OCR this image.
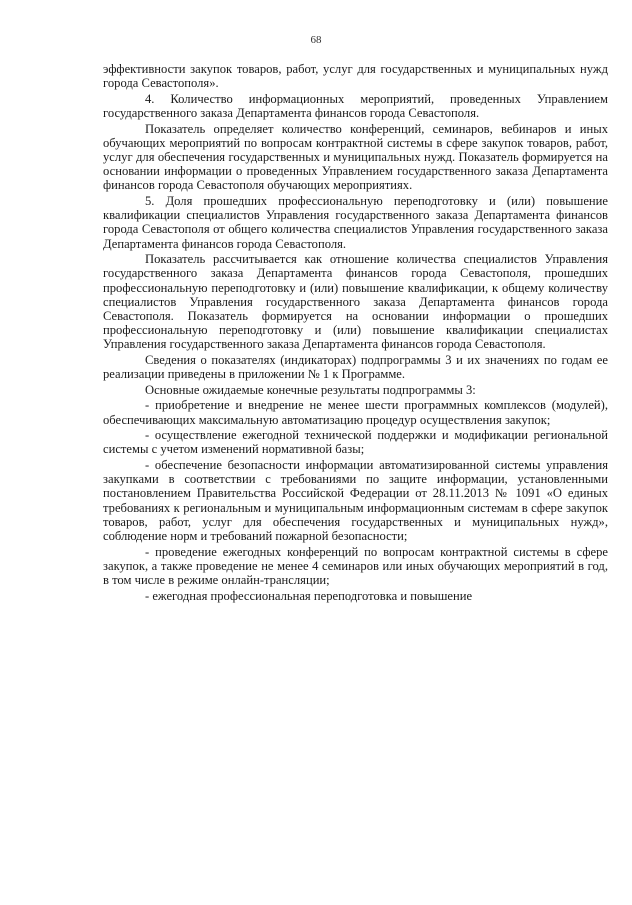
68

эффективности закупок товаров, работ, услуг для государственных и муниципальных нужд города Севастополя».

4. Количество информационных мероприятий, проведенных Управлением государственного заказа Департамента финансов города Севастополя.

Показатель определяет количество конференций, семинаров, вебинаров и иных обучающих мероприятий по вопросам контрактной системы в сфере закупок товаров, работ, услуг для обеспечения государственных и муниципальных нужд. Показатель формируется на основании информации о проведенных Управлением государственного заказа Департамента финансов города Севастополя обучающих мероприятиях.

5. Доля прошедших профессиональную переподготовку и (или) повышение квалификации специалистов Управления государственного заказа Департамента финансов города Севастополя от общего количества специалистов Управления государственного заказа Департамента финансов города Севастополя.

Показатель рассчитывается как отношение количества специалистов Управления государственного заказа Департамента финансов города Севастополя, прошедших профессиональную переподготовку и (или) повышение квалификации, к общему количеству специалистов Управления государственного заказа Департамента финансов города Севастополя. Показатель формируется на основании информации о прошедших профессиональную переподготовку и (или) повышение квалификации специалистах Управления государственного заказа Департамента финансов города Севастополя.

Сведения о показателях (индикаторах) подпрограммы 3 и их значениях по годам ее реализации приведены в приложении № 1 к Программе.

Основные ожидаемые конечные результаты подпрограммы 3:

- приобретение и внедрение не менее шести программных комплексов (модулей), обеспечивающих максимальную автоматизацию процедур осуществления закупок;

- осуществление ежегодной технической поддержки и модификации региональной системы с учетом изменений нормативной базы;

- обеспечение безопасности информации автоматизированной системы управления закупками в соответствии с требованиями по защите информации, установленными постановлением Правительства Российской Федерации от 28.11.2013 № 1091 «О единых требованиях к региональным и муниципальным информационным системам в сфере закупок товаров, работ, услуг для обеспечения государственных и муниципальных нужд», соблюдение норм и требований пожарной безопасности;

- проведение ежегодных конференций по вопросам контрактной системы в сфере закупок, а также проведение не менее 4 семинаров или иных обучающих мероприятий в год, в том числе в режиме онлайн-трансляции;

- ежегодная профессиональная переподготовка и повышение
